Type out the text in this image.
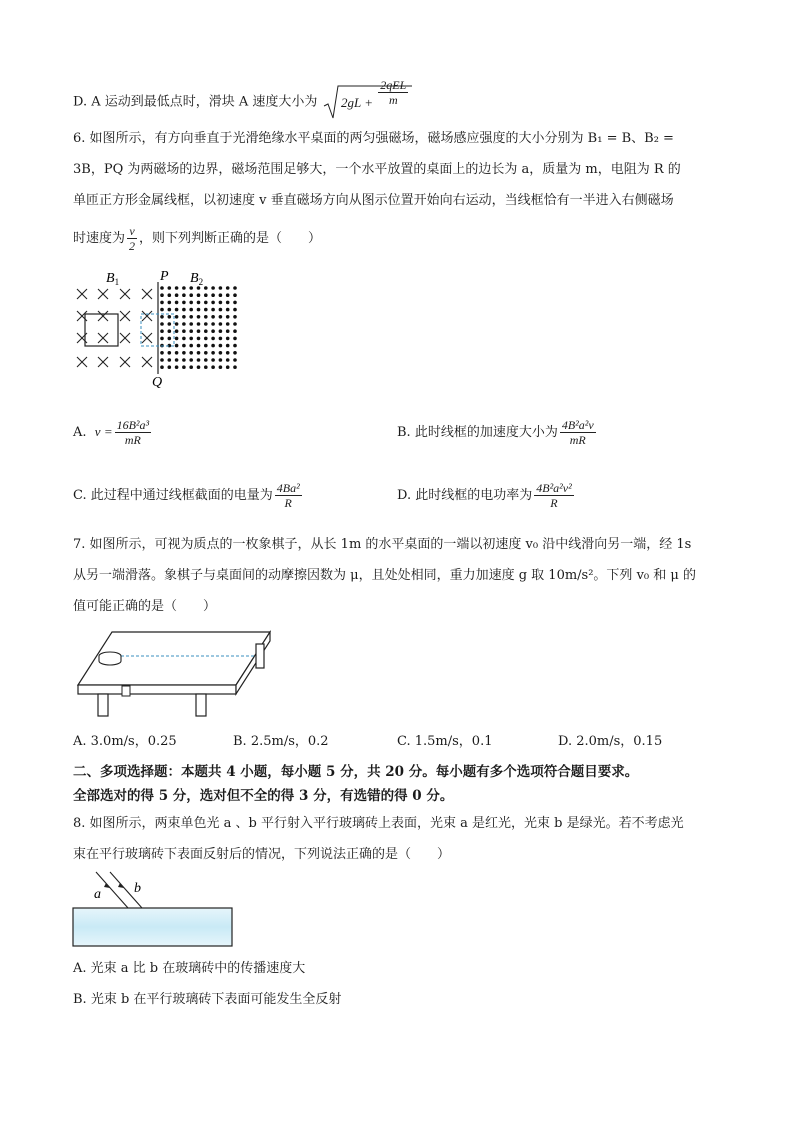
D. A 运动到最低点时，滑块 A 速度大小为	$2gL + \frac{\text{2qEL}}{m}$
6. 如图所示，有方向垂直于光滑绝缘水平桌面的两匀强磁场，磁场感应强度的大小分别为 B₁ = B、B₂ =
3B，PQ 为两磁场的边界，磁场范围足够大，一个水平放置的桌面上的边长为 a，质量为 m，电阻为 R 的
单匝正方形金属线框，以初速度 v 垂直磁场方向从图示位置开始向右运动，当线框恰有一半进入右侧磁场
时速度为 $\frac{v}{2}$ ，则下列判断正确的是（　　）
$B_1$	P $B_2$
Q
A. $v = \frac{\text{16B²a³}}{mR}$	B. 此时线框的加速度大小为 $\frac{\text{4B²a²v}}{mR}$
C. 此过程中通过线框截面的电量为 $\frac{\text{4Ba²}}{R}$	D. 此时线框的电功率为 $\frac{\text{4B²a²v²}}{R}$
7. 如图所示，可视为质点的一枚象棋子，从长 1m 的水平桌面的一端以初速度 v₀ 沿中线滑向另一端，经 1s
从另一端滑落。象棋子与桌面间的动摩擦因数为 μ，且处处相同，重力加速度 g 取 10m/s²。下列 v₀ 和 μ 的
值可能正确的是（　　）
A. 3.0m/s，0.25	B. 2.5m/s，0.2	C. 1.5m/s，0.1	D. 2.0m/s，0.15
二、多项选择题：本题共 4 小题，每小题 5 分，共 20 分。每小题有多个选项符合题目要求。
全部选对的得 5 分，选对但不全的得 3 分，有选错的得 0 分。
8. 如图所示，两束单色光 a 、b 平行射入平行玻璃砖上表面，光束 a 是红光，光束 b 是绿光。若不考虑光
束在平行玻璃砖下表面反射后的情况，下列说法正确的是（　　）
a b
A. 光束 a 比 b 在玻璃砖中的传播速度大
B. 光束 b 在平行玻璃砖下表面可能发生全反射
